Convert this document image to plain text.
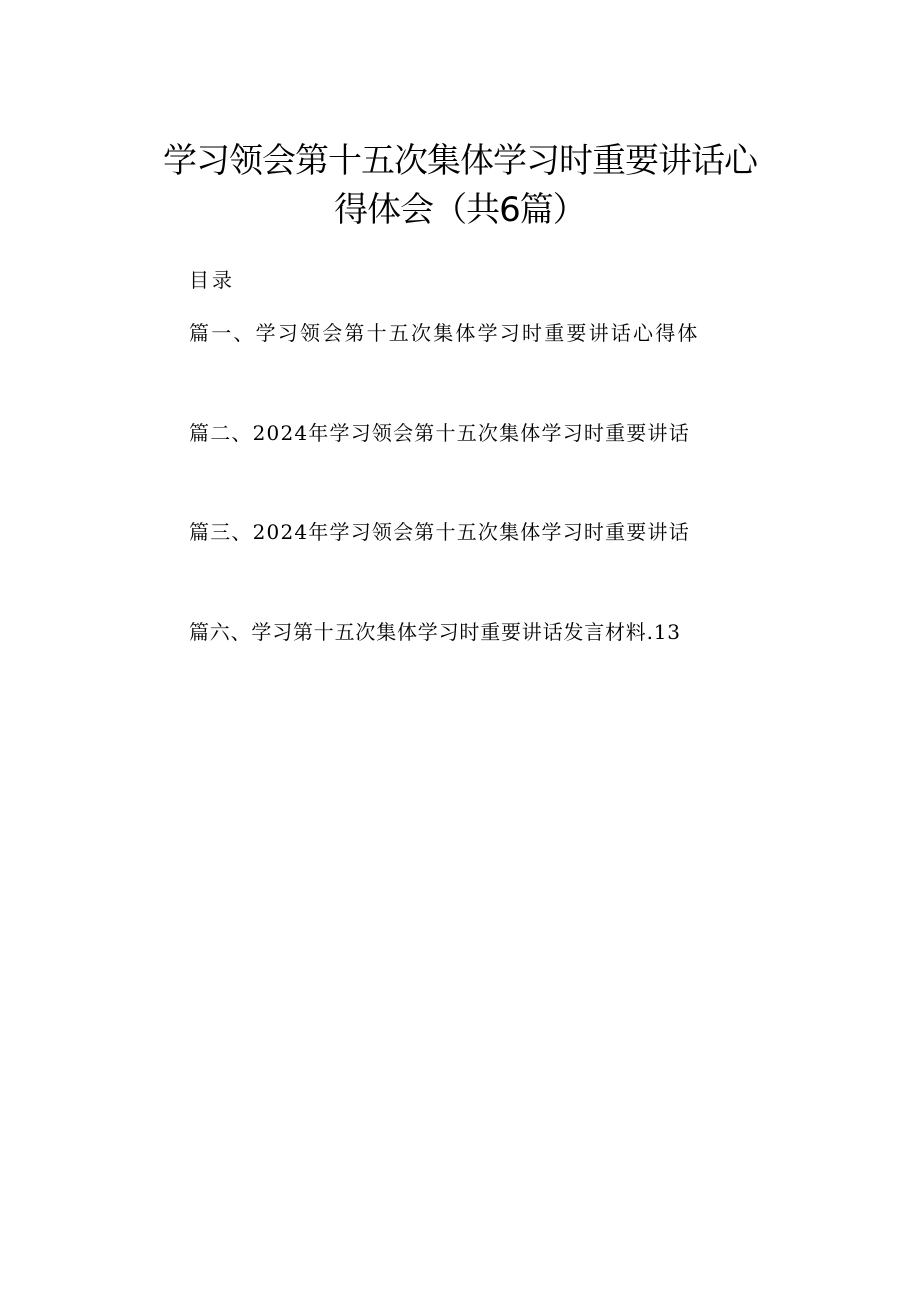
学习领会第十五次集体学习时重要讲话心
得体会（共6篇）
目录
篇一、学习领会第十五次集体学习时重要讲话心得体
篇二、2024年学习领会第十五次集体学习时重要讲话
篇三、2024年学习领会第十五次集体学习时重要讲话
篇六、学习第十五次集体学习时重要讲话发言材料.13
